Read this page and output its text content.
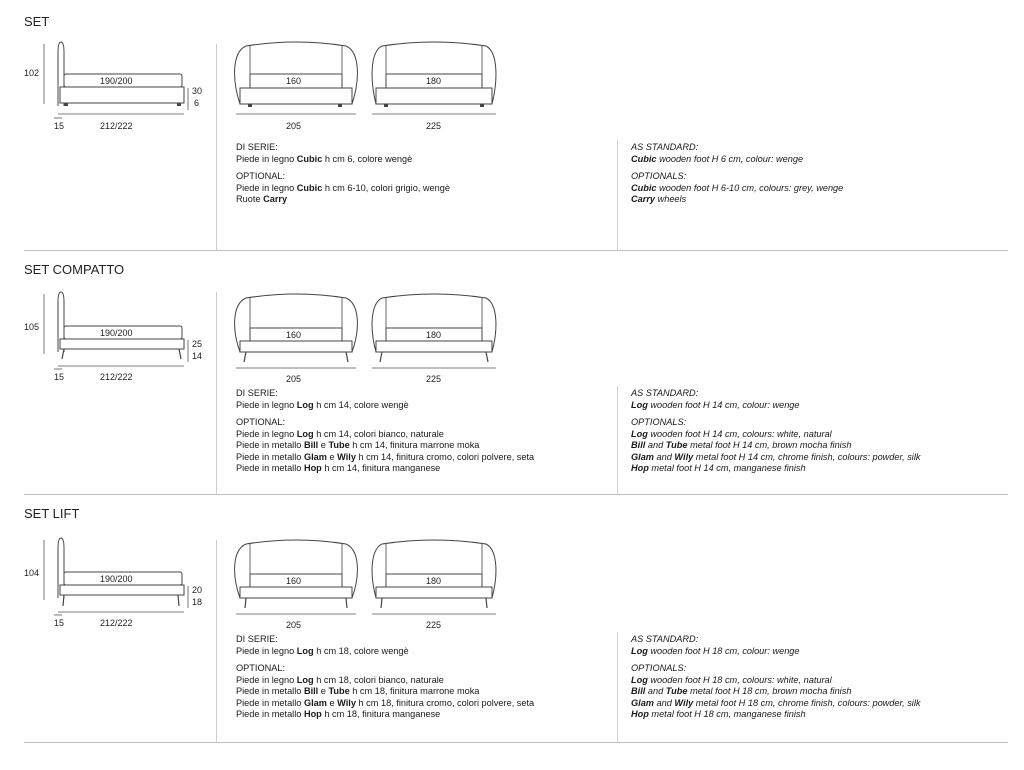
SET
102
190/200
30
6
15	212/222
160
205
180
225

DI SERIE:

Piede in legno Cubic h cm 6, colore wengè

OPTIONAL:

Piede in legno Cubic h cm 6-10, colori grigio, wengè

Ruote Carry

AS STANDARD:

Cubic wooden foot H 6 cm, colour: wenge

OPTIONALS:

Cubic wooden foot H 6-10 cm, colours: grey, wenge

Carry wheels

SET COMPATTO
105
190/200
25
14
15	212/222
160
205
180
225

DI SERIE:

Piede in legno Log h cm 14, colore wengè

OPTIONAL:

Piede in legno Log h cm 14, colori bianco, naturale

Piede in metallo Bill e Tube h cm 14, finitura marrone moka

Piede in metallo Glam e Wily h cm 14, finitura cromo, colori polvere, seta

Piede in metallo Hop h cm 14, finitura manganese

AS STANDARD:

Log wooden foot H 14 cm, colour: wenge

OPTIONALS:

Log wooden foot H 14 cm, colours: white, natural

Bill and Tube metal foot H 14 cm, brown mocha finish

Glam and Wily metal foot H 14 cm, chrome finish, colours: powder, silk

Hop metal foot H 14 cm, manganese finish

SET LIFT
104
190/200
20
18
15	212/222
160
205
180
225

DI SERIE:

Piede in legno Log h cm 18, colore wengè

OPTIONAL:

Piede in legno Log h cm 18, colori bianco, naturale

Piede in metallo Bill e Tube h cm 18, finitura marrone moka

Piede in metallo Glam e Wily h cm 18, finitura cromo, colori polvere, seta

Piede in metallo Hop h cm 18, finitura manganese

AS STANDARD:

Log wooden foot H 18 cm, colour: wenge

OPTIONALS:

Log wooden foot H 18 cm, colours: white, natural

Bill and Tube metal foot H 18 cm, brown mocha finish

Glam and Wily metal foot H 18 cm, chrome finish, colours: powder, silk

Hop metal foot H 18 cm, manganese finish
